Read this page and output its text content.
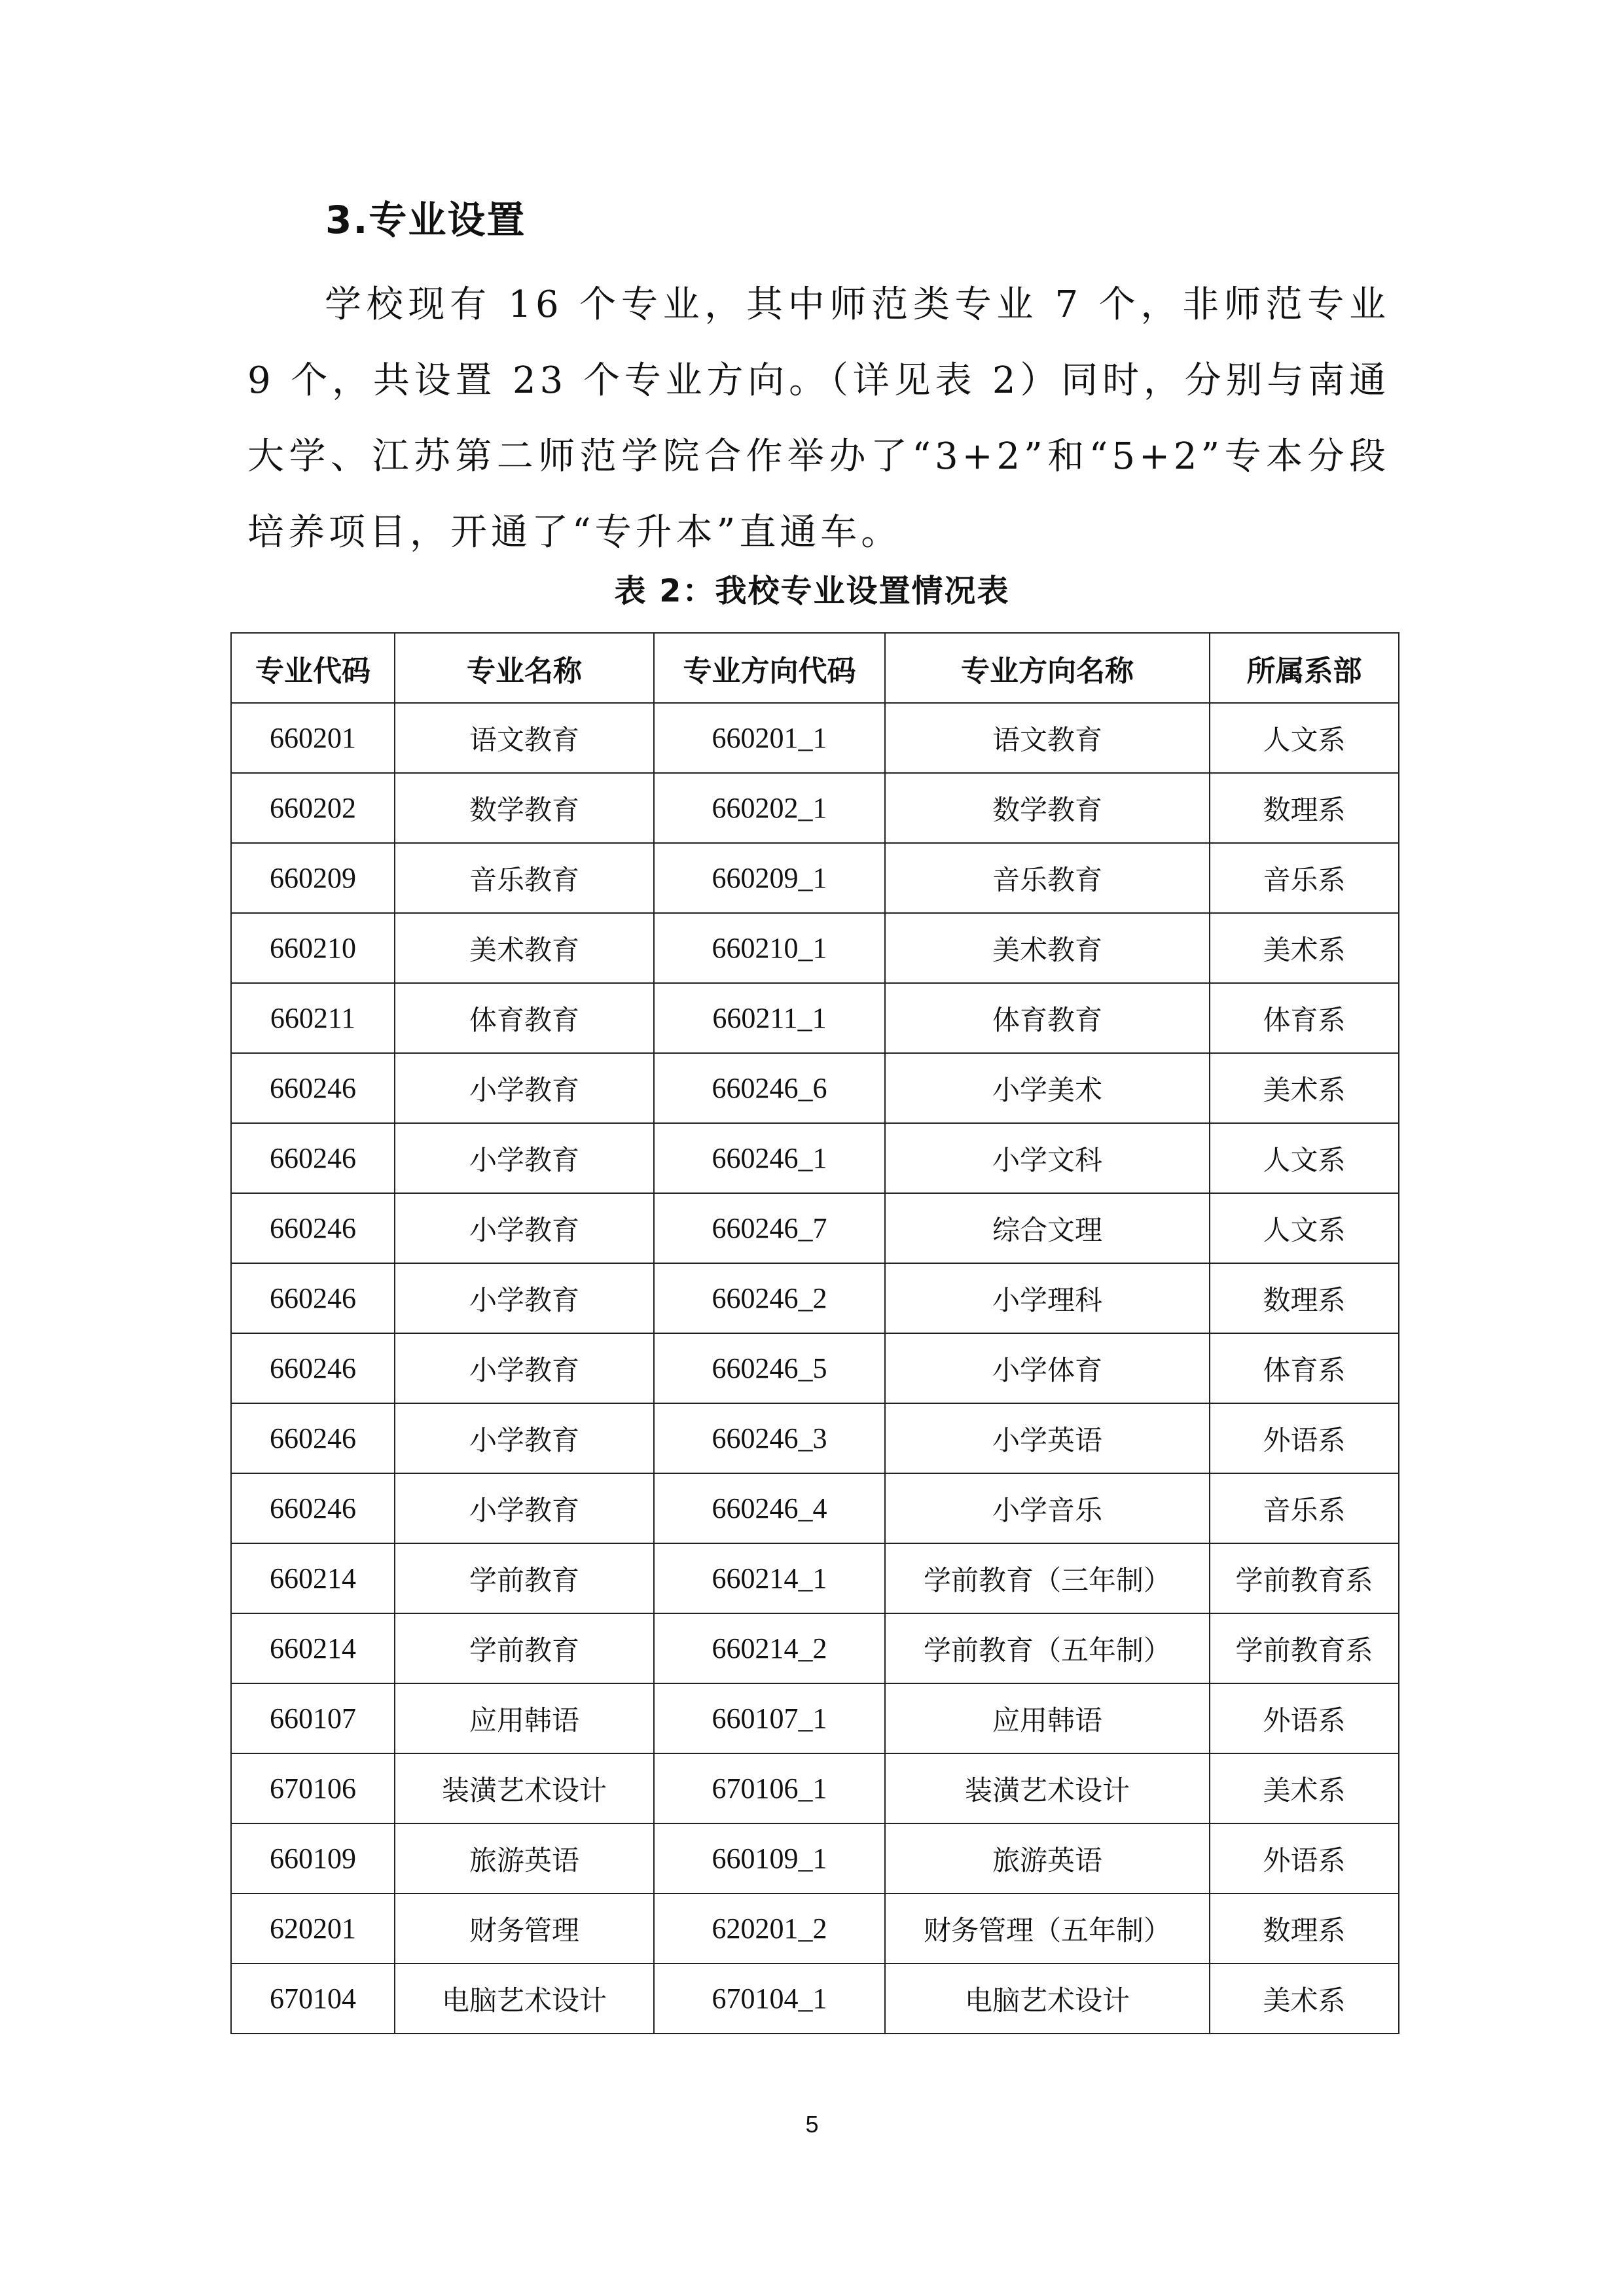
3.专业设置

学校现有 16 个专业，其中师范类专业 7 个，非师范专业 9 个，共设置 23 个专业方向。（详见表 2）同时，分别与南通大学、江苏第二师范学院合作举办了“3+2”和“5+2”专本分段培养项目，开通了“专升本”直通车。

表 2：我校专业设置情况表
专业代码	专业名称	专业方向代码	专业方向名称	所属系部
660201	语文教育	660201_1	语文教育	人文系
660202	数学教育	660202_1	数学教育	数理系
660209	音乐教育	660209_1	音乐教育	音乐系
660210	美术教育	660210_1	美术教育	美术系
660211	体育教育	660211_1	体育教育	体育系
660246	小学教育	660246_6	小学美术	美术系
660246	小学教育	660246_1	小学文科	人文系
660246	小学教育	660246_7	综合文理	人文系
660246	小学教育	660246_2	小学理科	数理系
660246	小学教育	660246_5	小学体育	体育系
660246	小学教育	660246_3	小学英语	外语系
660246	小学教育	660246_4	小学音乐	音乐系
660214	学前教育	660214_1	学前教育（三年制）	学前教育系
660214	学前教育	660214_2	学前教育（五年制）	学前教育系
660107	应用韩语	660107_1	应用韩语	外语系
670106	装潢艺术设计	670106_1	装潢艺术设计	美术系
660109	旅游英语	660109_1	旅游英语	外语系
620201	财务管理	620201_2	财务管理（五年制）	数理系
670104	电脑艺术设计	670104_1	电脑艺术设计	美术系
5
